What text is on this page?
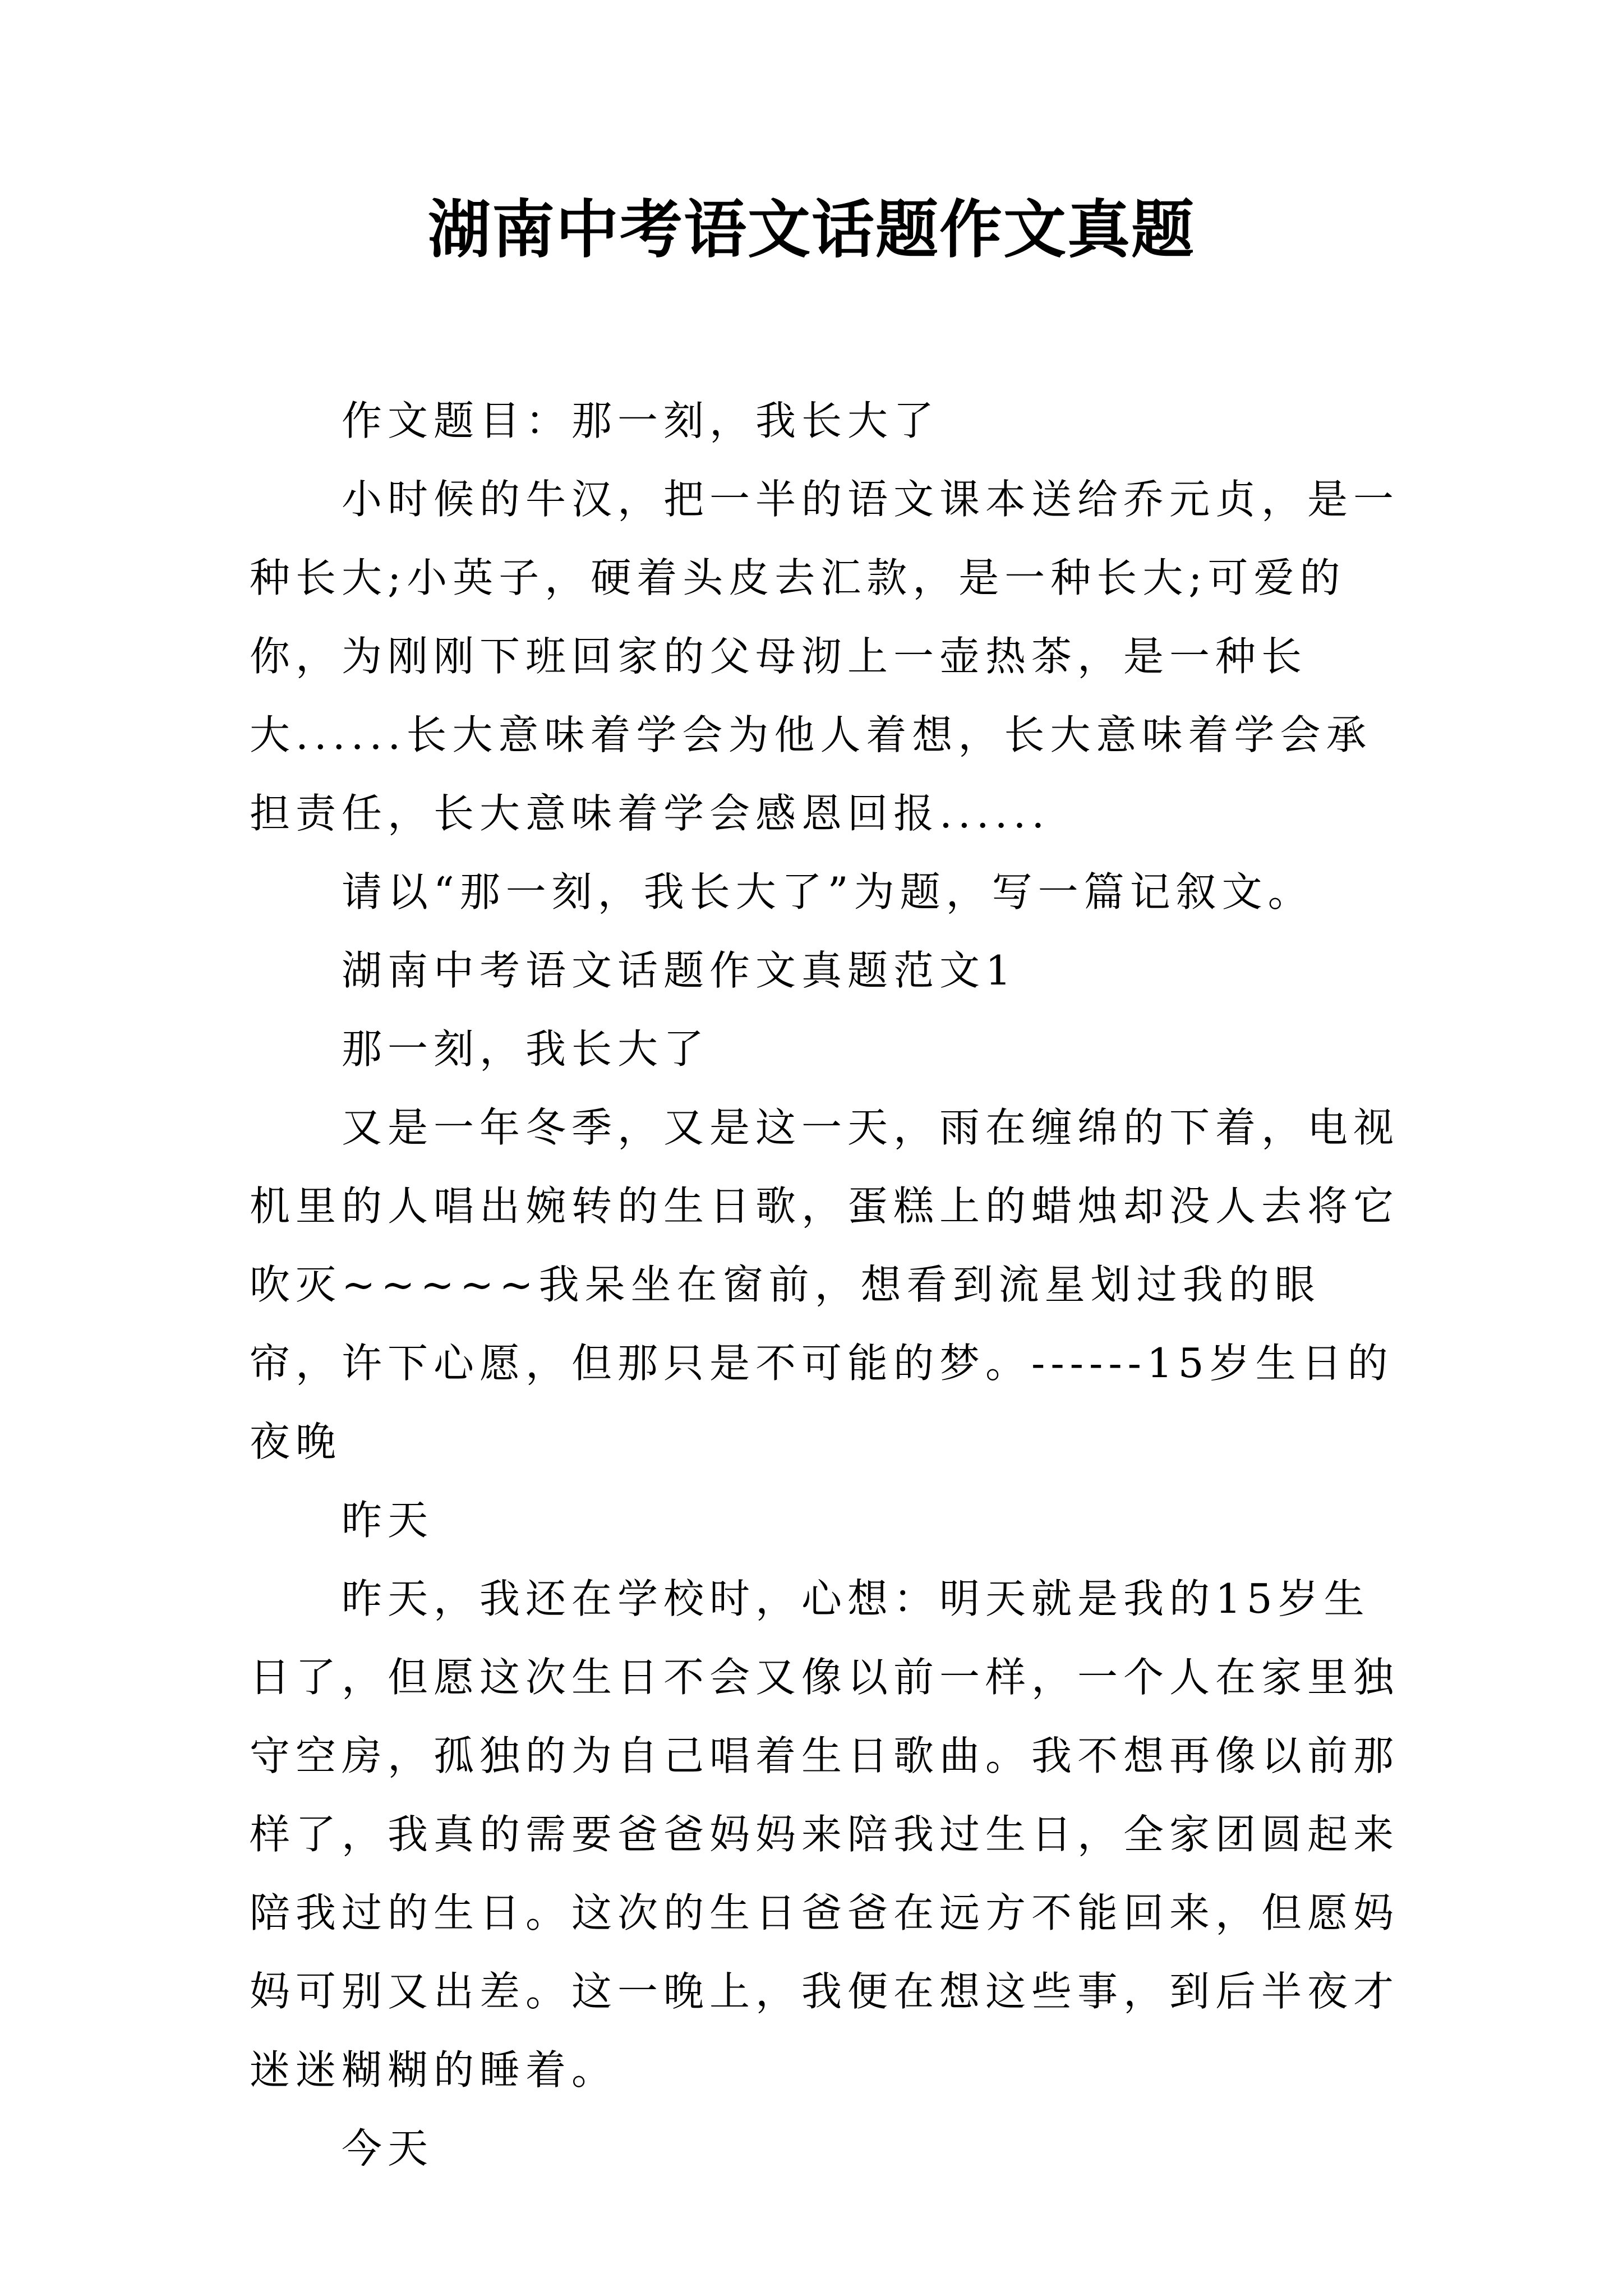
湖南中考语文话题作文真题

作文题目：那一刻，我长大了

小时候的牛汉，把一半的语文课本送给乔元贞，是一种长大;小英子，硬着头皮去汇款，是一种长大;可爱的你，为刚刚下班回家的父母沏上一壶热茶，是一种长大......长大意味着学会为他人着想，长大意味着学会承担责任，长大意味着学会感恩回报......

请以“那一刻，我长大了”为题，写一篇记叙文。

湖南中考语文话题作文真题范文1

那一刻，我长大了

又是一年冬季，又是这一天，雨在缠绵的下着，电视机里的人唱出婉转的生日歌，蛋糕上的蜡烛却没人去将它吹灭~~~~~我呆坐在窗前，想看到流星划过我的眼帘，许下心愿，但那只是不可能的梦。------15岁生日的夜晚

昨天

昨天，我还在学校时，心想：明天就是我的15岁生日了，但愿这次生日不会又像以前一样，一个人在家里独守空房，孤独的为自己唱着生日歌曲。我不想再像以前那样了，我真的需要爸爸妈妈来陪我过生日，全家团圆起来陪我过的生日。这次的生日爸爸在远方不能回来，但愿妈妈可别又出差。这一晚上，我便在想这些事，到后半夜才迷迷糊糊的睡着。

今天
